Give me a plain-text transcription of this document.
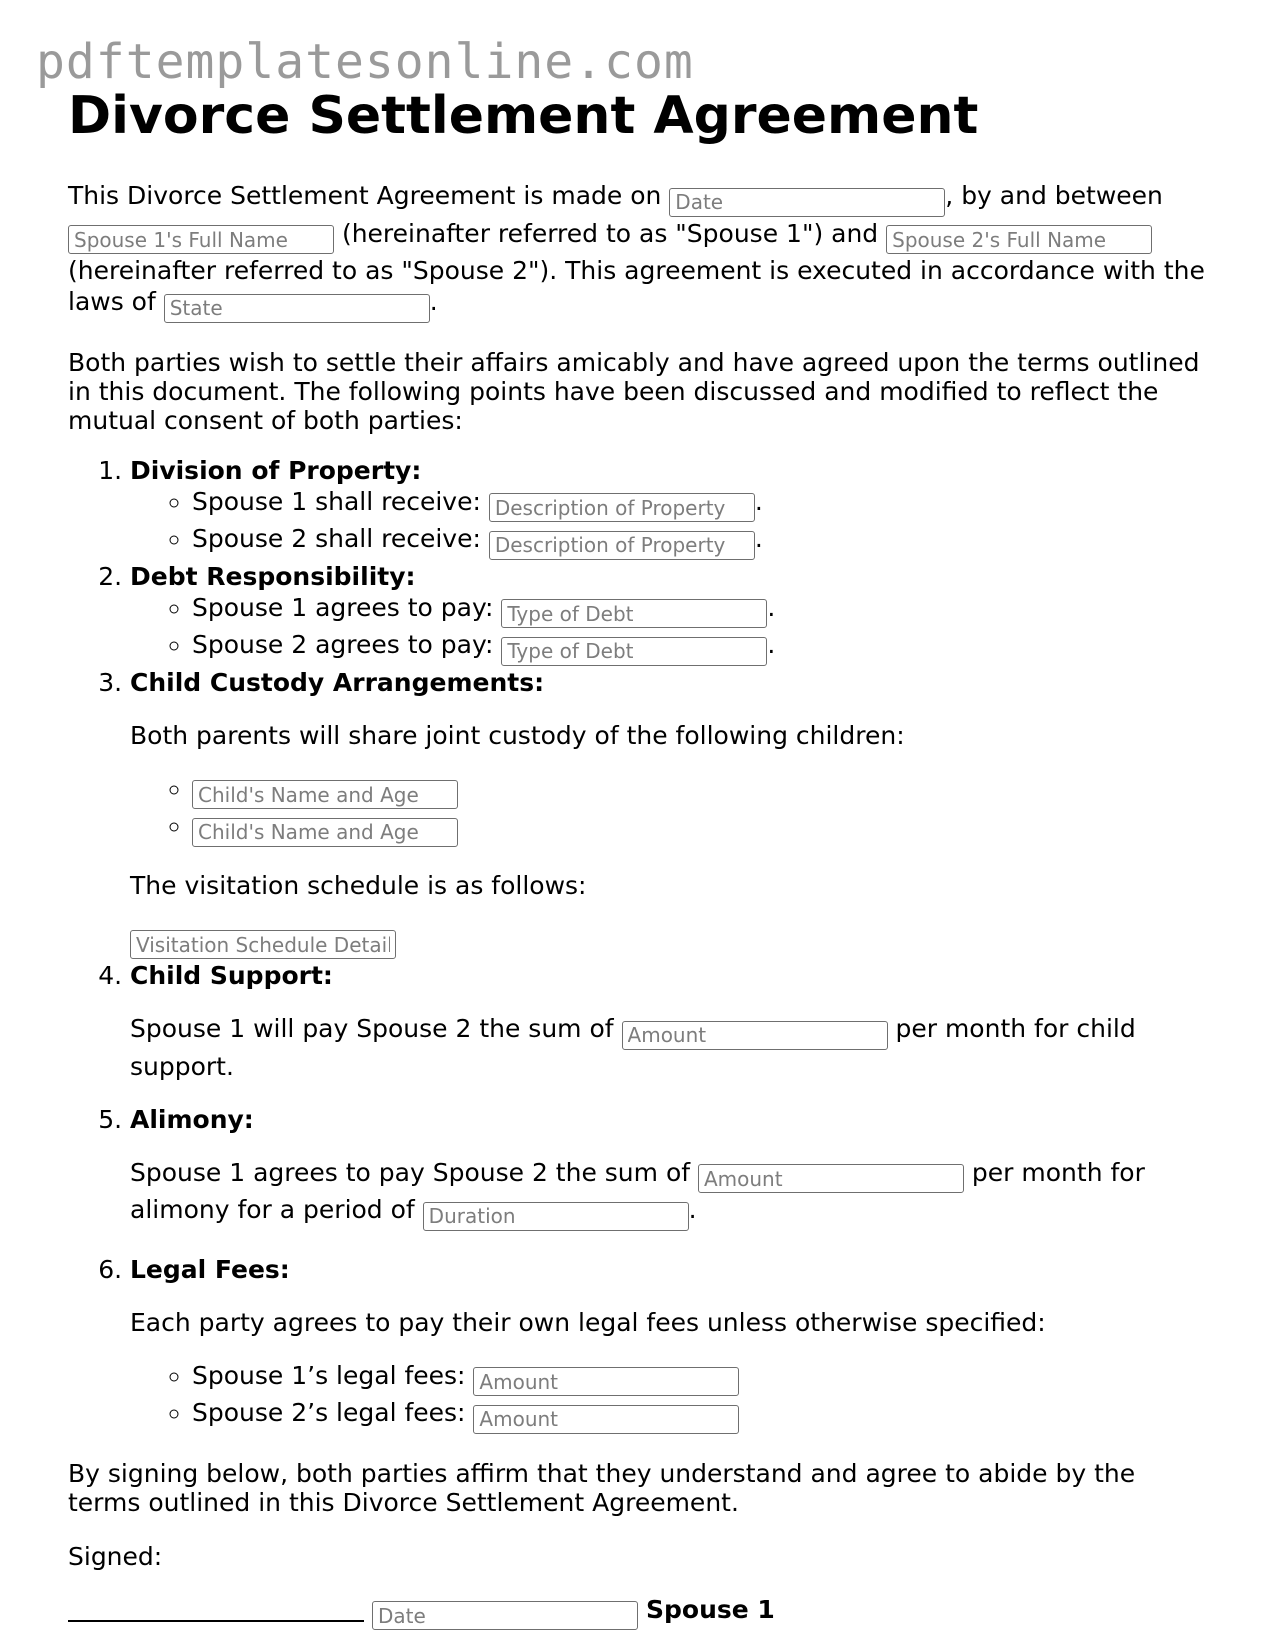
pdftemplatesonline.com
Divorce Settlement Agreement

This Divorce Settlement Agreement is made on Date	, by and between Spouse 1's Full Name (hereinafter referred to as "Spouse 1") and Spouse 2's Full Name (hereinafter referred to as "Spouse 2"). This agreement is executed in accordance with the laws of State	.

Both parties wish to settle their affairs amicably and have agreed upon the terms outlined in this document. The following points have been discussed and modified to reflect the mutual consent of both parties:

1. Division of Property:
◦ Spouse 1 shall receive: Description of Property	.
◦ Spouse 2 shall receive: Description of Property	.
2. Debt Responsibility:
◦ Spouse 1 agrees to pay: Type of Debt	.
◦ Spouse 2 agrees to pay: Type of Debt	.
3. Child Custody Arrangements:

Both parents will share joint custody of the following children:

◦ Child's Name and Age
◦ Child's Name and Age

The visitation schedule is as follows:

Visitation Schedule Details
4. Child Support:

Spouse 1 will pay Spouse 2 the sum of Amount	per month for child support.

5. Alimony:

Spouse 1 agrees to pay Spouse 2 the sum of Amount	per month for alimony for a period of Duration	.

6. Legal Fees:

Each party agrees to pay their own legal fees unless otherwise specified:

◦ Spouse 1’s legal fees: Amount
◦ Spouse 2’s legal fees: Amount

By signing below, both parties affirm that they understand and agree to abide by the terms outlined in this Divorce Settlement Agreement.

Signed:

DateSpouse 1
